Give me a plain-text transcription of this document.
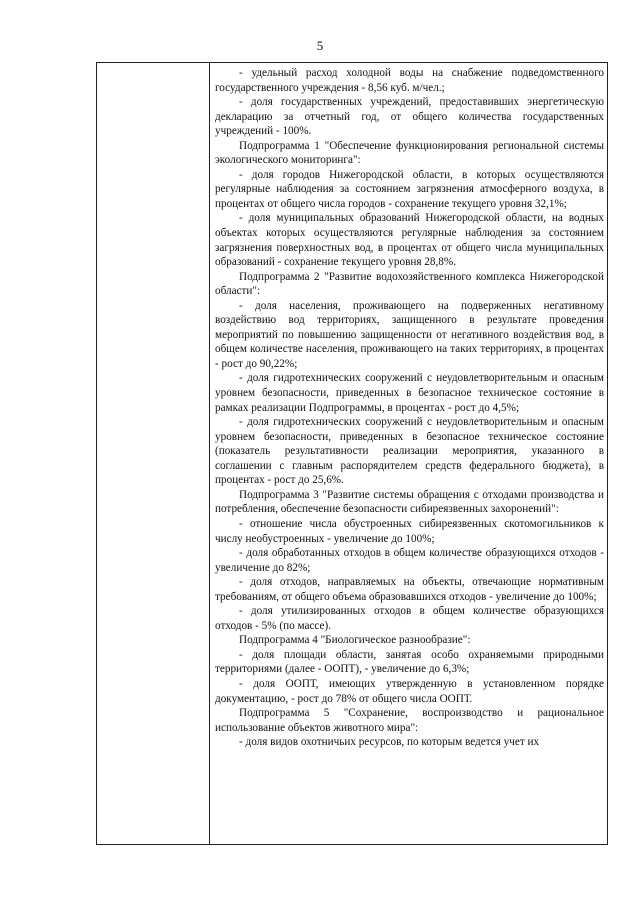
5

- удельный расход холодной воды на снабжение подведомственного государственного учреждения - 8,56 куб. м/чел.;

- доля государственных учреждений, предоставивших энергетическую декларацию за отчетный год, от общего количества государственных учреждений - 100%.

Подпрограмма 1 "Обеспечение функционирования региональной системы экологического мониторинга":

- доля городов Нижегородской области, в которых осуществляются регулярные наблюдения за состоянием загрязнения атмосферного воздуха, в процентах от общего числа городов - сохранение текущего уровня 32,1%;

- доля муниципальных образований Нижегородской области, на водных объектах которых осуществляются регулярные наблюдения за состоянием загрязнения поверхностных вод, в процентах от общего числа муниципальных образований - сохранение текущего уровня 28,8%.

Подпрограмма 2 "Развитие водохозяйственного комплекса Нижегородской области":

- доля населения, проживающего на подверженных негативному воздействию вод территориях, защищенного в результате проведения мероприятий по повышению защищенности от негативного воздействия вод, в общем количестве населения, проживающего на таких территориях, в процентах - рост до 90,22%;

- доля гидротехнических сооружений с неудовлетворительным и опасным уровнем безопасности, приведенных в безопасное техническое состояние в рамках реализации Подпрограммы, в процентах - рост до 4,5%;

- доля гидротехнических сооружений с неудовлетворительным и опасным уровнем безопасности, приведенных в безопасное техническое состояние (показатель результативности реализации мероприятия, указанного в соглашении с главным распорядителем средств федерального бюджета), в процентах - рост до 25,6%.

Подпрограмма 3 "Развитие системы обращения с отходами производства и потребления, обеспечение безопасности сибиреязвенных захоронений":

- отношение числа обустроенных сибиреязвенных скотомогильников к числу необустроенных - увеличение до 100%;

- доля обработанных отходов в общем количестве образующихся отходов - увеличение до 82%;

- доля отходов, направляемых на объекты, отвечающие нормативным требованиям, от общего объема образовавшихся отходов - увеличение до 100%;

- доля утилизированных отходов в общем количестве образующихся отходов - 5% (по массе).

Подпрограмма 4 "Биологическое разнообразие":

- доля площади области, занятая особо охраняемыми природными территориями (далее - ООПТ), - увеличение до 6,3%;

- доля ООПТ, имеющих утвержденную в установленном порядке документацию, - рост до 78% от общего числа ООПТ.

Подпрограмма 5 "Сохранение, воспроизводство и рациональное использование объектов животного мира":

- доля видов охотничьих ресурсов, по которым ведется учет их
